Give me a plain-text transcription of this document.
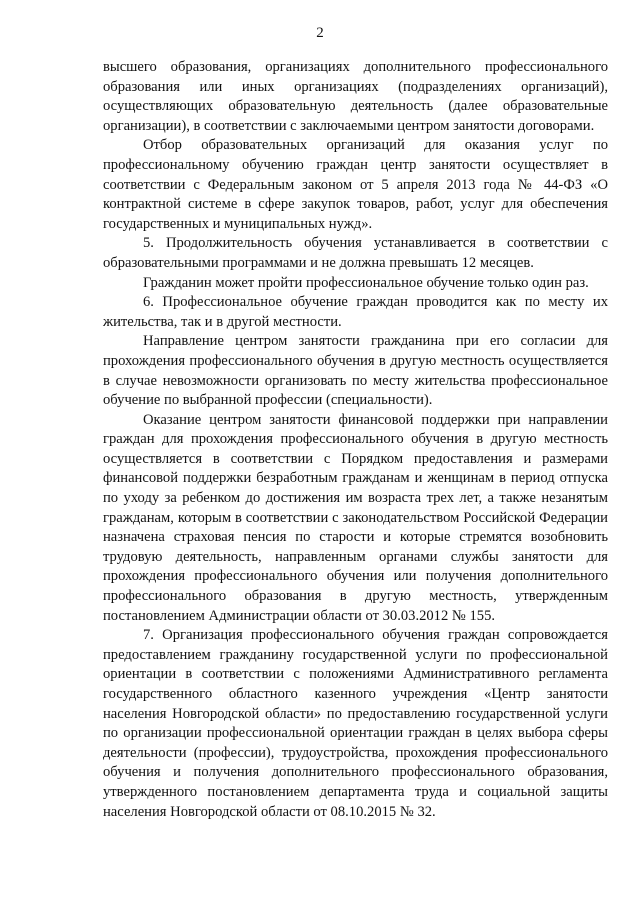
2

высшего образования, организациях дополнительного профессионального образования или иных организациях (подразделениях организаций), осуществляющих образовательную деятельность (далее образовательные организации), в соответствии с заключаемыми центром занятости договорами.

Отбор образовательных организаций для оказания услуг по профессиональному обучению граждан центр занятости осуществляет в соответствии с Федеральным законом от 5 апреля 2013 года № 44-ФЗ «О контрактной системе в сфере закупок товаров, работ, услуг для обеспечения государственных и муниципальных нужд».

5. Продолжительность обучения устанавливается в соответствии с образовательными программами и не должна превышать 12 месяцев.

Гражданин может пройти профессиональное обучение только один раз.

6. Профессиональное обучение граждан проводится как по месту их жительства, так и в другой местности.

Направление центром занятости гражданина при его согласии для прохождения профессионального обучения в другую местность осуществляется в случае невозможности организовать по месту жительства профессиональное обучение по выбранной профессии (специальности).

Оказание центром занятости финансовой поддержки при направлении граждан для прохождения профессионального обучения в другую местность осуществляется в соответствии с Порядком предоставления и размерами финансовой поддержки безработным гражданам и женщинам в период отпуска по уходу за ребенком до достижения им возраста трех лет, а также незанятым гражданам, которым в соответствии с законодательством Российской Федерации назначена страховая пенсия по старости и которые стремятся возобновить трудовую деятельность, направленным органами службы занятости для прохождения профессионального обучения или получения дополнительного профессионального образования в другую местность, утвержденным постановлением Администрации области от 30.03.2012 № 155.

7. Организация профессионального обучения граждан сопровождается предоставлением гражданину государственной услуги по профессиональной ориентации в соответствии с положениями Административного регламента государственного областного казенного учреждения «Центр занятости населения Новгородской области» по предоставлению государственной услуги по организации профессиональной ориентации граждан в целях выбора сферы деятельности (профессии), трудоустройства, прохождения профессионального обучения и получения дополнительного профессионального образования, утвержденного постановлением департамента труда и социальной защиты населения Новгородской области от 08.10.2015 № 32.
